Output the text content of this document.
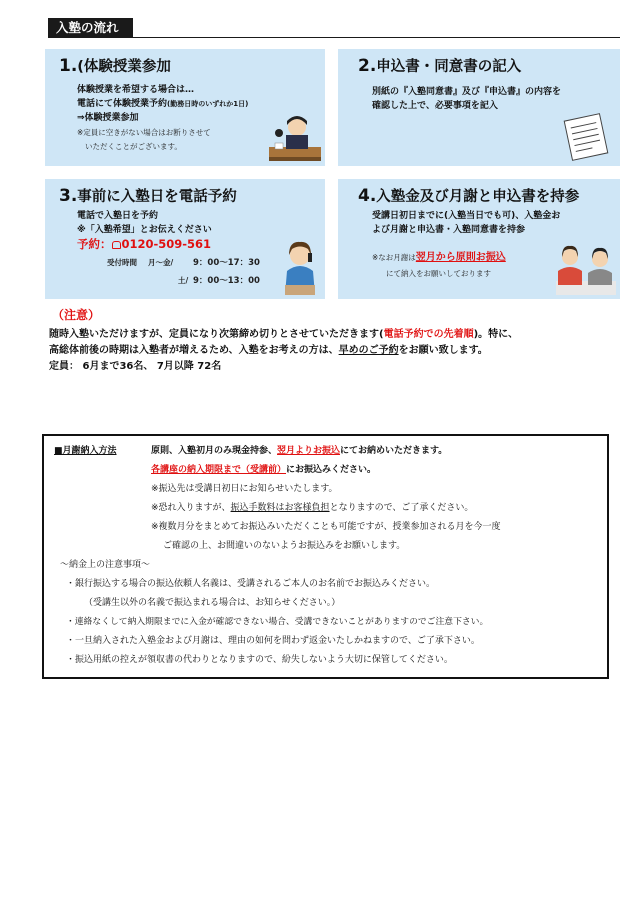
入塾の流れ
1.(体験授業参加
体験授業を希望する場合は…
電話にて体験授業予約(勤務日時のいずれか1日)
⇒体験授業参加
※定員に空きがない場合はお断りさせて
いただくことがございます。
2.申込書・同意書の記入
別紙の『入塾同意書』及び『申込書』の内容を
確認した上で、必要事項を記入
3.事前に入塾日を電話予約
電話で入塾日を予約
※「入塾希望」とお伝えください
予約： 0120-509-561
受付時間 月～金/ 9：00～17：30
土/ 9：00～13：00
4.入塾金及び月謝と申込書を持参
受講日初日までに(入塾当日でも可)、入塾金お
よび月謝と申込書・入塾同意書を持参
※なお月謝は翌月から原則お振込
にて納入をお願いしております
（注意）
随時入塾いただけますが、定員になり次第締め切りとさせていただきます(電話予約での先着順)。特に、
高総体前後の時期は入塾者が増えるため、入塾をお考えの方は、早めのご予約をお願い致します。
定員： 6月まで36名、 7月以降 72名
■月謝納入方法	原則、入塾初月のみ現金持参、翌月よりお振込にてお納めいただきます。
各講座の納入期限まで（受講前）にお振込みください。
※振込先は受講日初日にお知らせいたします。
※恐れ入りますが、振込手数料はお客様負担となりますので、ご了承ください。
※複数月分をまとめてお振込みいただくことも可能ですが、授業参加される月を今一度
ご確認の上、お間違いのないようお振込みをお願いします。
～納金上の注意事項～
・銀行振込する場合の振込依頼人名義は、受講されるご本人のお名前でお振込みください。
（受講生以外の名義で振込まれる場合は、お知らせください。）
・連絡なくして納入期限までに入金が確認できない場合、受講できないことがありますのでご注意下さい。
・一旦納入された入塾金および月謝は、理由の如何を問わず返金いたしかねますので、ご了承下さい。
・振込用紙の控えが領収書の代わりとなりますので、紛失しないよう大切に保管してください。
